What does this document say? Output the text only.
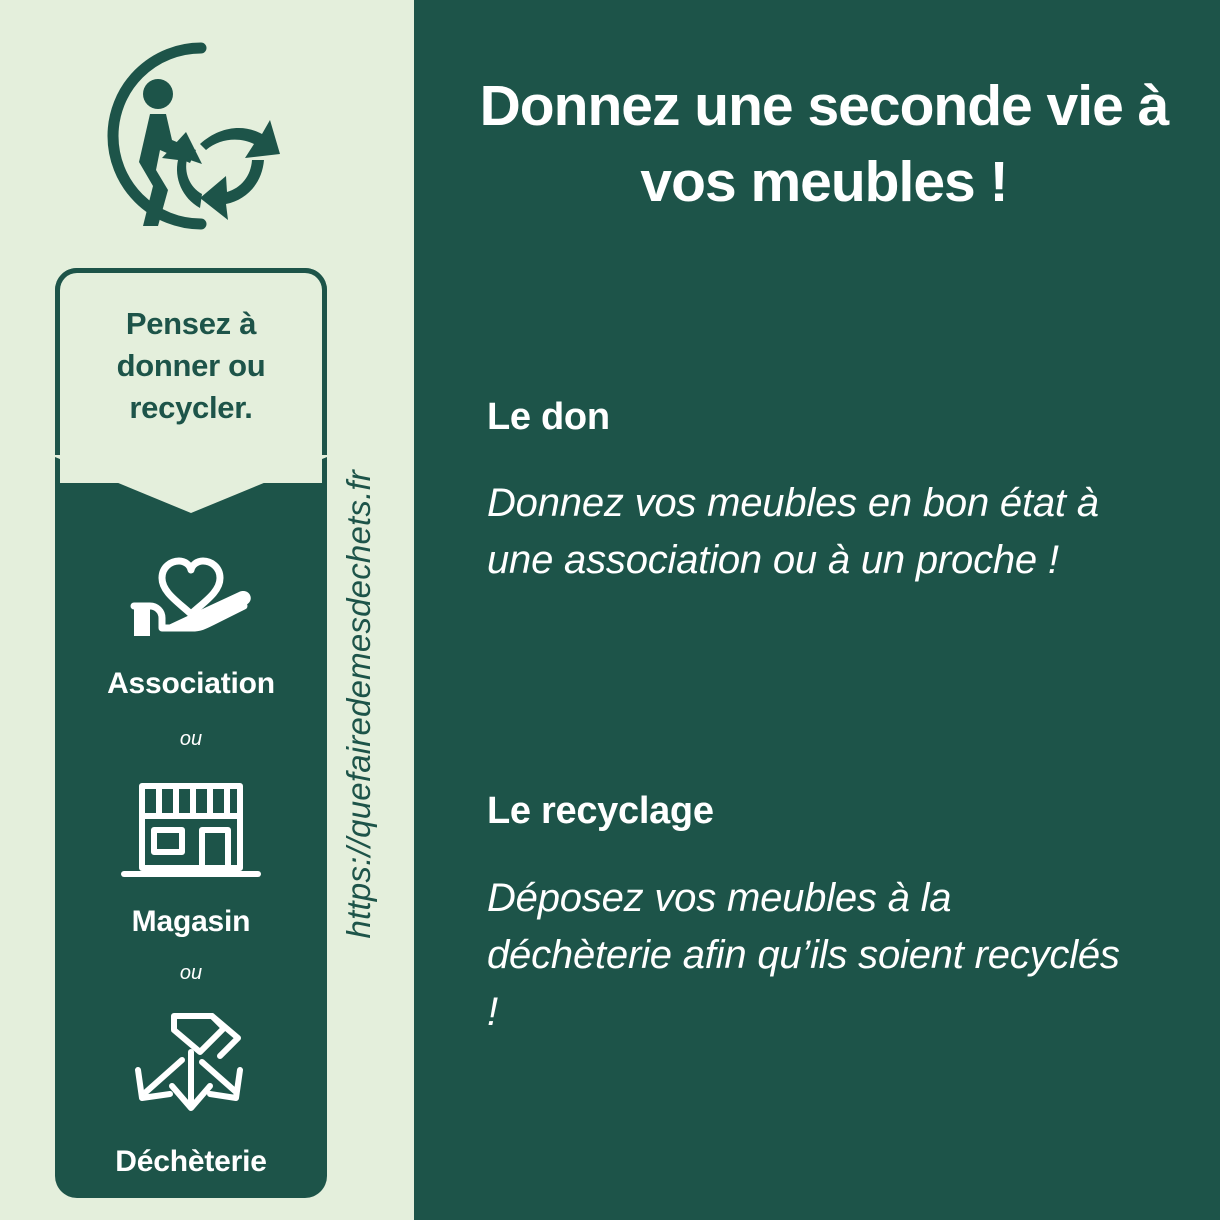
Pensez à
donner ou
recycler.
Association
ou
Magasin
ou
Déchèterie
https://quefairedemesdechets.fr
Donnez une seconde vie à vos meubles !
Le don
Donnez vos meubles en bon état à une association ou à un proche !
Le recyclage
Déposez vos meubles à la déchèterie afin qu’ils soient recyclés !
